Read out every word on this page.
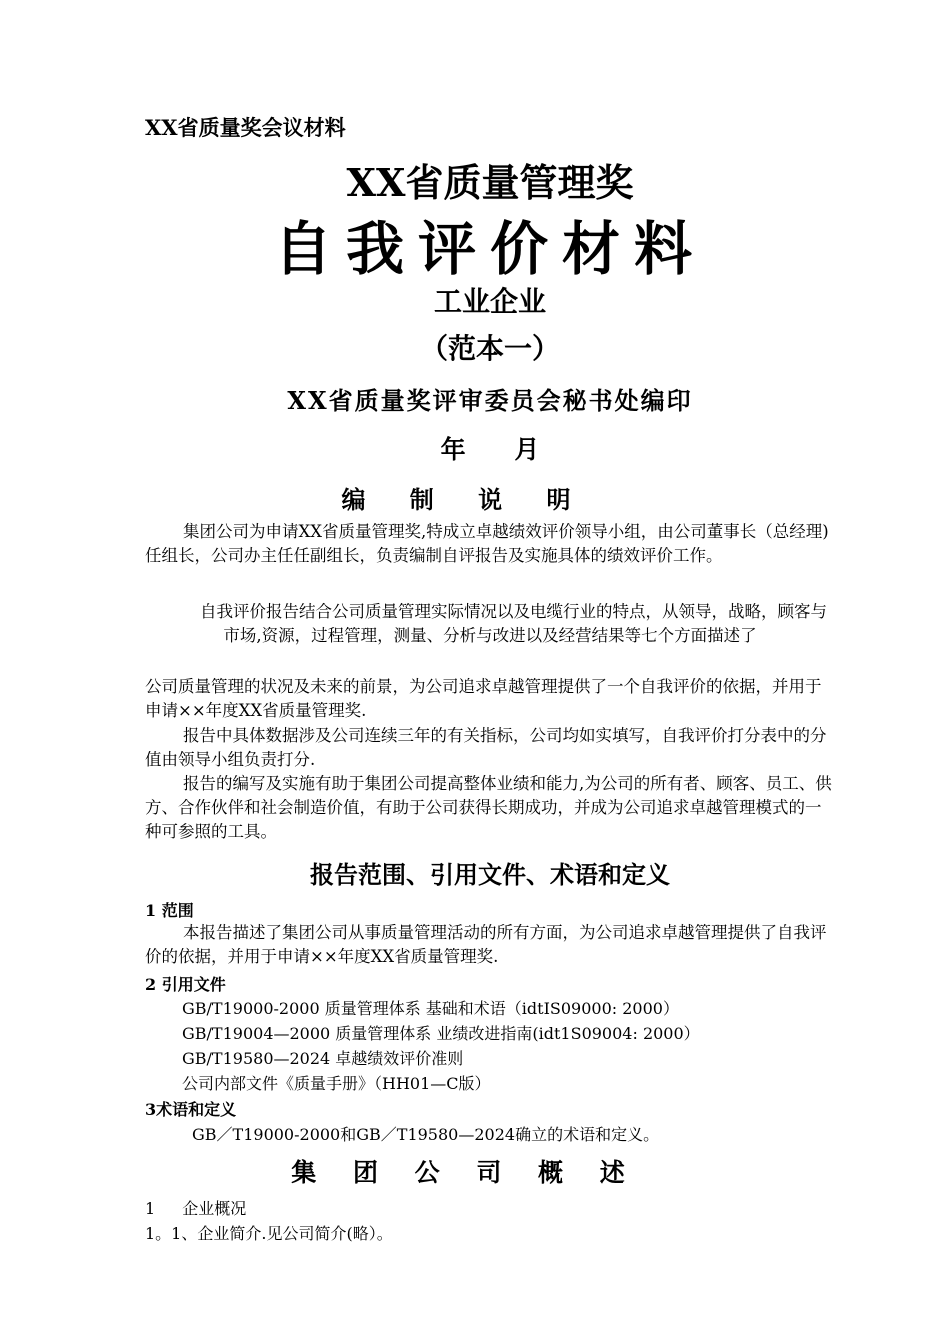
XX省质量奖会议材料
XX省质量管理奖
自我评价材料
工业企业
（范本一）
XX省质量奖评审委员会秘书处编印
年 月
编 制 说 明

集团公司为申请XX省质量管理奖,特成立卓越绩效评价领导小组，由公司董事长（总经理)任组长，公司办主任任副组长，负责编制自评报告及实施具体的绩效评价工作。

自我评价报告结合公司质量管理实际情况以及电缆行业的特点，从领导，战略，顾客与市场,资源，过程管理，测量、分析与改进以及经营结果等七个方面描述了

公司质量管理的状况及未来的前景，为公司追求卓越管理提供了一个自我评价的依据，并用于申请××年度XX省质量管理奖.

报告中具体数据涉及公司连续三年的有关指标，公司均如实填写，自我评价打分表中的分值由领导小组负责打分.

报告的编写及实施有助于集团公司提高整体业绩和能力,为公司的所有者、顾客、员工、供方、合作伙伴和社会制造价值，有助于公司获得长期成功，并成为公司追求卓越管理模式的一种可参照的工具。

报告范围、引用文件、术语和定义
1 范围

本报告描述了集团公司从事质量管理活动的所有方面，为公司追求卓越管理提供了自我评价的依据，并用于申请××年度XX省质量管理奖.

2 引用文件
GB/T19000-2000 质量管理体系 基础和术语（idtIS09000: 2000）
GB/T19004—2000 质量管理体系 业绩改进指南(idt1S09004: 2000）
GB/T19580—2024 卓越绩效评价准则
公司内部文件《质量手册》（HH01—C版）
3术语和定义
GB／T19000-2000和GB／T19580—2024确立的术语和定义。
集 团 公 司 概 述
1 企业概况
1。1、企业简介.见公司简介(略）。
